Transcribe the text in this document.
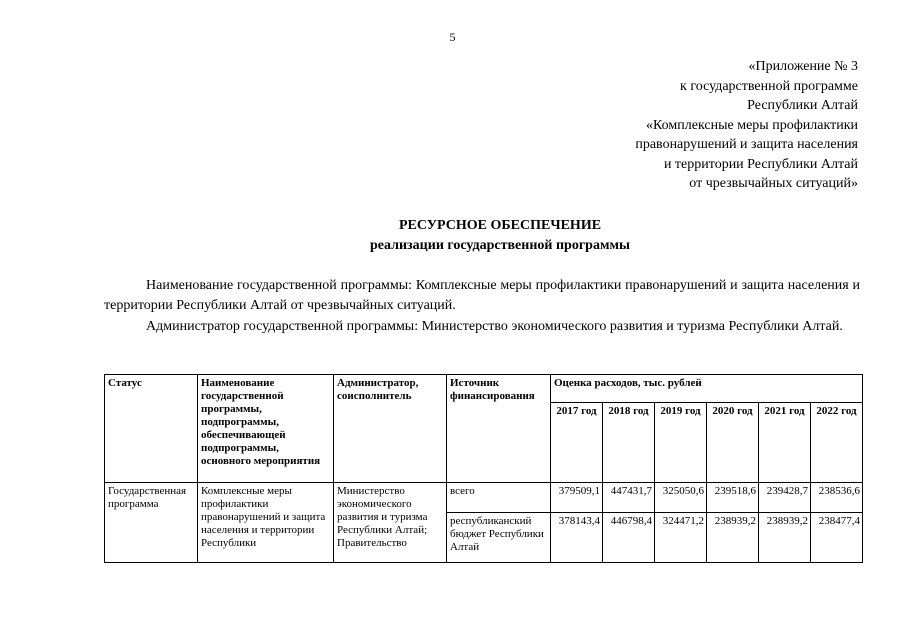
5
«Приложение № 3
к государственной программе
Республики Алтай
«Комплексные меры профилактики
правонарушений и защита населения
и территории Республики Алтай
от чрезвычайных ситуаций»
РЕСУРСНОЕ ОБЕСПЕЧЕНИЕ
реализации государственной программы
Наименование государственной программы: Комплексные меры профилактики правонарушений и защита населения и территории Республики Алтай от чрезвычайных ситуаций.
Администратор государственной программы: Министерство экономического развития и туризма Республики Алтай.
Статус	Наименование государственной программы, подпрограммы, обеспечивающей подпрограммы, основного мероприятия	Администратор, соисполнитель	Источник финансирования	Оценка расходов, тыс. рублей					
				2017 год	2018 год	2019 год	2020 год	2021 год	2022 год
Государственная программа	Комплексные меры профилактики правонарушений и защита населения и территории Республики	Министерство экономического развития и туризма Республики Алтай; Правительство	всего	379509,1	447431,7	325050,6	239518,6	239428,7	238536,6
			республиканский бюджет Республики Алтай	378143,4	446798,4	324471,2	238939,2	238939,2	238477,4
